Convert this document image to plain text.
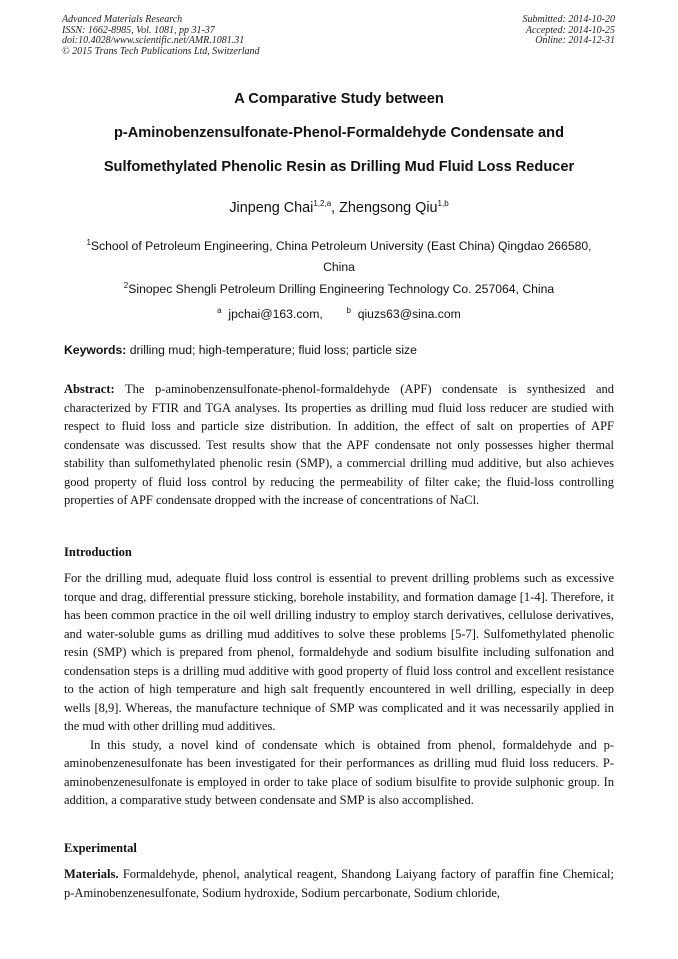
Advanced Materials Research
ISSN: 1662-8985, Vol. 1081, pp 31-37
doi:10.4028/www.scientific.net/AMR.1081.31
© 2015 Trans Tech Publications Ltd, Switzerland
Submitted: 2014-10-20
Accepted: 2014-10-25
Online: 2014-12-31
A Comparative Study between
p-Aminobenzensulfonate-Phenol-Formaldehyde Condensate and
Sulfomethylated Phenolic Resin as Drilling Mud Fluid Loss Reducer
Jinpeng Chai$^{1,2,a}$, Zhengsong Qiu$^{1,b}$
$^1$School of Petroleum Engineering, China Petroleum University (East China) Qingdao 266580,
China
$^2$Sinopec Shengli Petroleum Drilling Engineering Technology Co. 257064, China
$^a$ jpchai@163.com,	$^b$ qiuzs63@sina.com
Keywords: drilling mud; high-temperature; fluid loss; particle size

Abstract: The p-aminobenzensulfonate-phenol-formaldehyde (APF) condensate is synthesized and characterized by FTIR and TGA analyses. Its properties as drilling mud fluid loss reducer are studied with respect to fluid loss and particle size distribution. In addition, the effect of salt on properties of APF condensate was discussed. Test results show that the APF condensate not only possesses higher thermal stability than sulfomethylated phenolic resin (SMP), a commercial drilling mud additive, but also achieves good property of fluid loss control by reducing the permeability of filter cake; the fluid-loss controlling properties of APF condensate dropped with the increase of concentrations of NaCl.

Introduction

For the drilling mud, adequate fluid loss control is essential to prevent drilling problems such as excessive torque and drag, differential pressure sticking, borehole instability, and formation damage [1-4]. Therefore, it has been common practice in the oil well drilling industry to employ starch derivatives, cellulose derivatives, and water-soluble gums as drilling mud additives to solve these problems [5-7]. Sulfomethylated phenolic resin (SMP) which is prepared from phenol, formaldehyde and sodium bisulfite including sulfonation and condensation steps is a drilling mud additive with good property of fluid loss control and excellent resistance to the action of high temperature and high salt frequently encountered in well drilling, especially in deep wells [8,9]. Whereas, the manufacture technique of SMP was complicated and it was necessarily applied in the mud with other drilling mud additives.

In this study, a novel kind of condensate which is obtained from phenol, formaldehyde and p-aminobenzenesulfonate has been investigated for their performances as drilling mud fluid loss reducers. P-aminobenzenesulfonate is employed in order to take place of sodium bisulfite to provide sulphonic group. In addition, a comparative study between condensate and SMP is also accomplished.

Experimental

Materials. Formaldehyde, phenol, analytical reagent, Shandong Laiyang factory of paraffin fine Chemical; p-Aminobenzenesulfonate, Sodium hydroxide, Sodium percarbonate, Sodium chloride,
